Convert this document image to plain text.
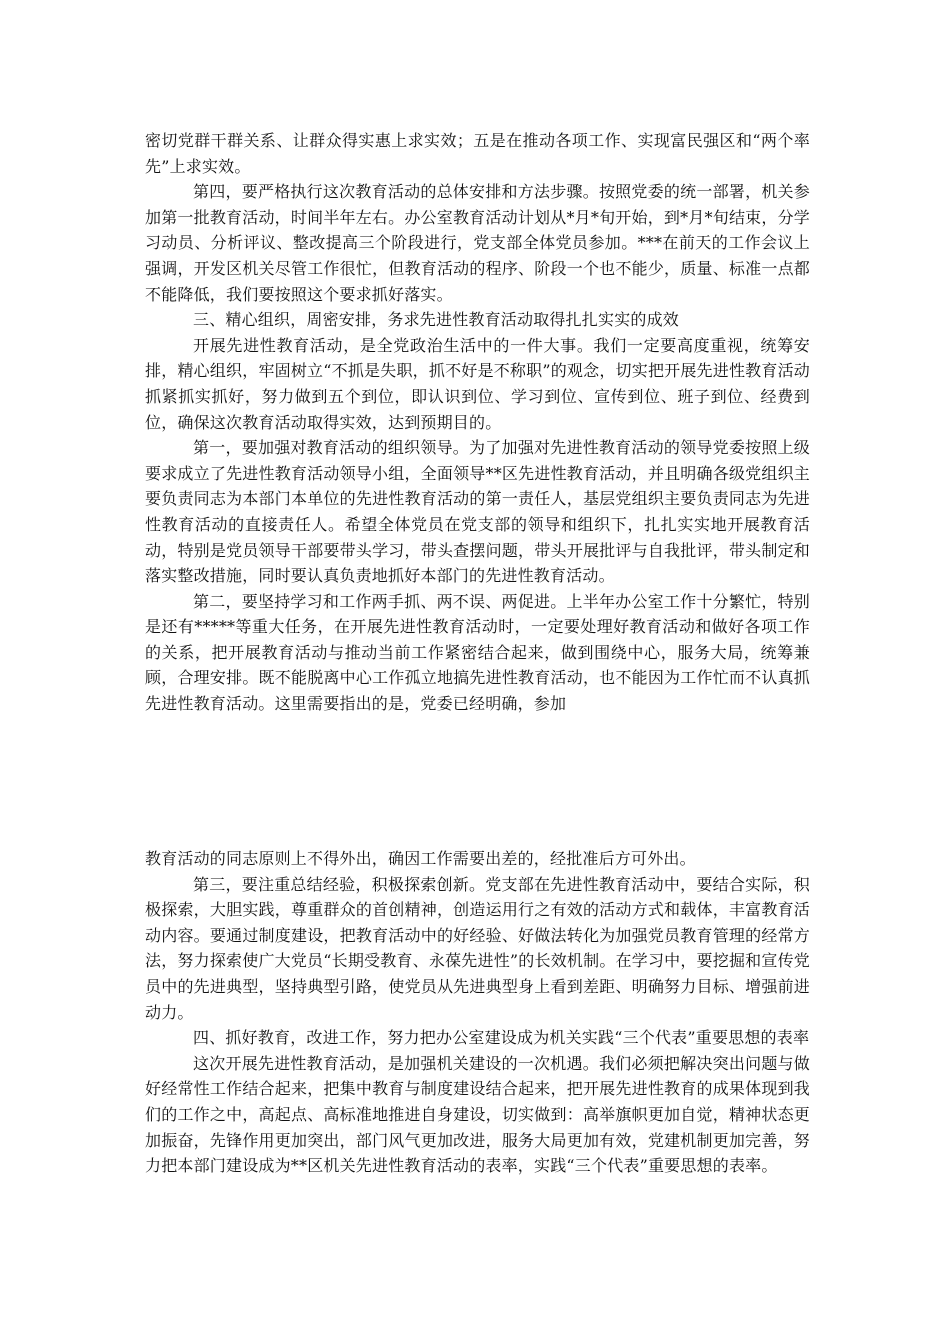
密切党群干群关系、让群众得实惠上求实效；五是在推动各项工作、实现富民强区和“两个率先”上求实效。

第四，要严格执行这次教育活动的总体安排和方法步骤。按照党委的统一部署，机关参加第一批教育活动，时间半年左右。办公室教育活动计划从*月*旬开始，到*月*旬结束，分学习动员、分析评议、整改提高三个阶段进行，党支部全体党员参加。***在前天的工作会议上强调，开发区机关尽管工作很忙，但教育活动的程序、阶段一个也不能少，质量、标准一点都不能降低，我们要按照这个要求抓好落实。

三、精心组织，周密安排，务求先进性教育活动取得扎扎实实的成效

开展先进性教育活动，是全党政治生活中的一件大事。我们一定要高度重视，统筹安排，精心组织，牢固树立“不抓是失职，抓不好是不称职”的观念，切实把开展先进性教育活动抓紧抓实抓好，努力做到五个到位，即认识到位、学习到位、宣传到位、班子到位、经费到位，确保这次教育活动取得实效，达到预期目的。

第一，要加强对教育活动的组织领导。为了加强对先进性教育活动的领导党委按照上级要求成立了先进性教育活动领导小组，全面领导**区先进性教育活动，并且明确各级党组织主要负责同志为本部门本单位的先进性教育活动的第一责任人，基层党组织主要负责同志为先进性教育活动的直接责任人。希望全体党员在党支部的领导和组织下，扎扎实实地开展教育活动，特别是党员领导干部要带头学习，带头查摆问题，带头开展批评与自我批评，带头制定和落实整改措施，同时要认真负责地抓好本部门的先进性教育活动。

第二，要坚持学习和工作两手抓、两不误、两促进。上半年办公室工作十分繁忙，特别是还有*****等重大任务，在开展先进性教育活动时，一定要处理好教育活动和做好各项工作的关系，把开展教育活动与推动当前工作紧密结合起来，做到围绕中心，服务大局，统筹兼顾，合理安排。既不能脱离中心工作孤立地搞先进性教育活动，也不能因为工作忙而不认真抓先进性教育活动。这里需要指出的是，党委已经明确，参加

教育活动的同志原则上不得外出，确因工作需要出差的，经批准后方可外出。

第三，要注重总结经验，积极探索创新。党支部在先进性教育活动中，要结合实际，积极探索，大胆实践，尊重群众的首创精神，创造运用行之有效的活动方式和载体，丰富教育活动内容。要通过制度建设，把教育活动中的好经验、好做法转化为加强党员教育管理的经常方法，努力探索使广大党员“长期受教育、永葆先进性”的长效机制。在学习中，要挖掘和宣传党员中的先进典型，坚持典型引路，使党员从先进典型身上看到差距、明确努力目标、增强前进动力。

四、抓好教育，改进工作，努力把办公室建设成为机关实践“三个代表”重要思想的表率

这次开展先进性教育活动，是加强机关建设的一次机遇。我们必须把解决突出问题与做好经常性工作结合起来，把集中教育与制度建设结合起来，把开展先进性教育的成果体现到我们的工作之中，高起点、高标准地推进自身建设，切实做到：高举旗帜更加自觉，精神状态更加振奋，先锋作用更加突出，部门风气更加改进，服务大局更加有效，党建机制更加完善，努力把本部门建设成为**区机关先进性教育活动的表率，实践“三个代表”重要思想的表率。
